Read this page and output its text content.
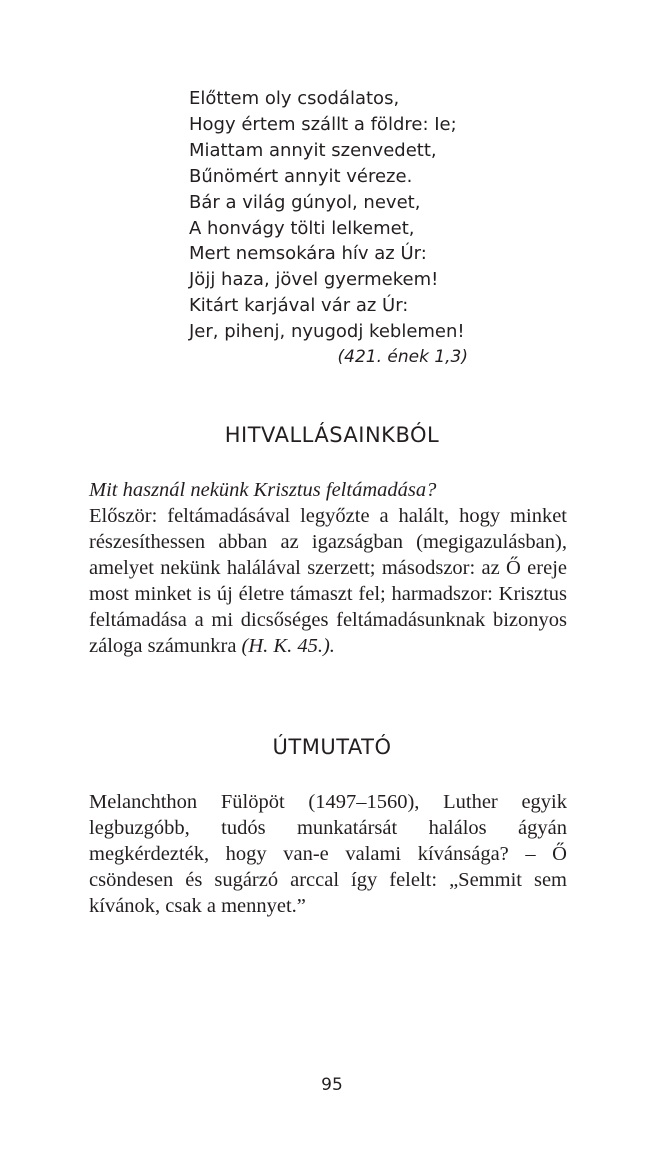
Előttem oly csodálatos,
Hogy értem szállt a földre: Ie;
Miattam annyit szenvedett,
Bűnömért annyit véreze.
Bár a világ gúnyol, nevet,
A honvágy tölti lelkemet,
Mert nemsokára hív az Úr:
Jöjj haza, jövel gyermekem!
Kitárt karjával vár az Úr:
Jer, pihenj, nyugodj keblemen!
(421. ének 1,3)
HITVALLÁSAINKBÓL
Mit használ nekünk Krisztus feltámadása?
Először: feltámadásával legyőzte a halált, hogy minket részesíthessen abban az igazságban (megigazulásban), amelyet nekünk halálával szerzett; másodszor: az Ő ereje most minket is új életre támaszt fel; harmadszor: Krisztus feltámadása a mi dicsőséges feltámadásunknak bizonyos záloga számunkra (H. K. 45.).
ÚTMUTATÓ
Melanchthon Fülöpöt (1497–1560), Luther egyik legbuzgóbb, tudós munkatársát halálos ágyán megkérdezték, hogy van-e valami kívánsága? – Ő csöndesen és sugárzó arccal így felelt: „Semmit sem kívánok, csak a mennyet.”
95
